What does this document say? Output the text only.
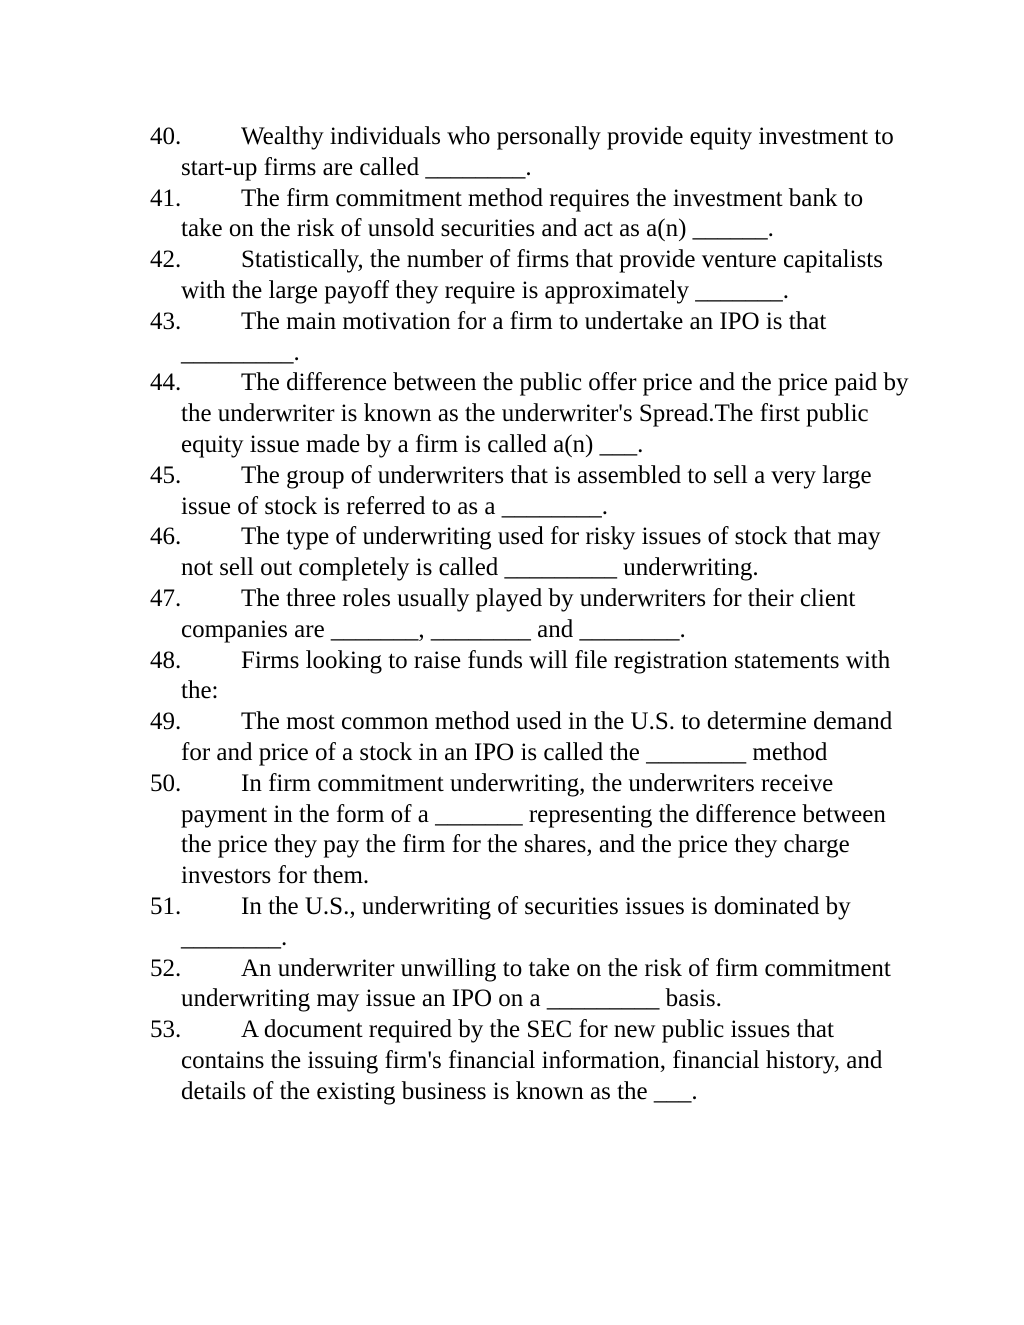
40.	Wealthy individuals who personally provide equity investment to start-up firms are called ________.
41.	The firm commitment method requires the investment bank to take on the risk of unsold securities and act as a(n) ______.
42.	Statistically, the number of firms that provide venture capitalists with the large payoff they require is approximately _______.
43.	The main motivation for a firm to undertake an IPO is that _________.
44.	The difference between the public offer price and the price paid by the underwriter is known as the underwriter's Spread.The first public equity issue made by a firm is called a(n) ___.
45.	The group of underwriters that is assembled to sell a very large issue of stock is referred to as a ________.
46.	The type of underwriting used for risky issues of stock that may not sell out completely is called _________ underwriting.
47.	The three roles usually played by underwriters for their client companies are _______, ________ and ________.
48.	Firms looking to raise funds will file registration statements with the:
49.	The most common method used in the U.S. to determine demand for and price of a stock in an IPO is called the ________ method
50.	In firm commitment underwriting, the underwriters receive payment in the form of a _______ representing the difference between the price they pay the firm for the shares, and the price they charge investors for them.
51.	In the U.S., underwriting of securities issues is dominated by ________.
52.	An underwriter unwilling to take on the risk of firm commitment underwriting may issue an IPO on a _________ basis.
53.	A document required by the SEC for new public issues that contains the issuing firm's financial information, financial history, and details of the existing business is known as the ___.
